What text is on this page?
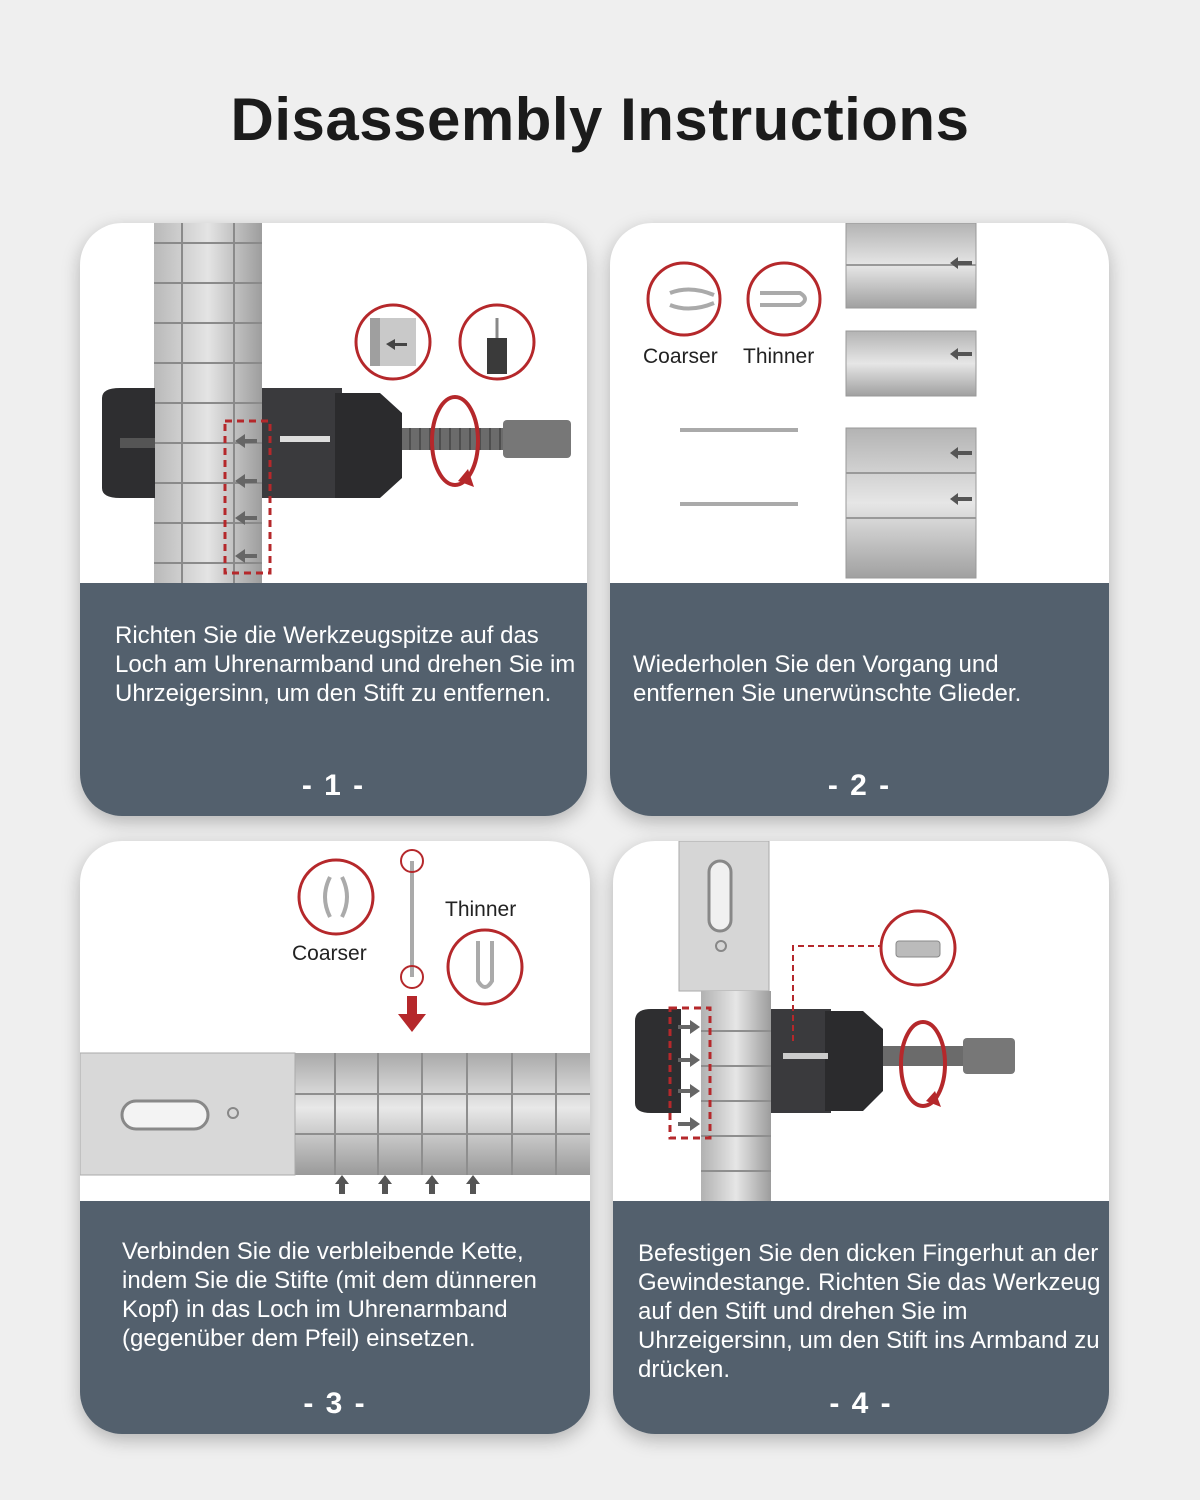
Disassembly Instructions
Richten Sie die Werkzeugspitze auf das Loch am Uhrenarmband und drehen Sie im Uhrzeigersinn, um den Stift zu entfernen.
- 1 -
Coarser Thinner
Wiederholen Sie den Vorgang und entfernen Sie unerwünschte Glieder.
- 2 -
Coarser
Thinner
Verbinden Sie die verbleibende Kette, indem Sie die Stifte (mit dem dünneren Kopf) in das Loch im Uhrenarmband (gegenüber dem Pfeil) einsetzen.
- 3 -
Befestigen Sie den dicken Fingerhut an der Gewindestange. Richten Sie das Werkzeug auf den Stift und drehen Sie im Uhrzeigersinn, um den Stift ins Armband zu drücken.
- 4 -
